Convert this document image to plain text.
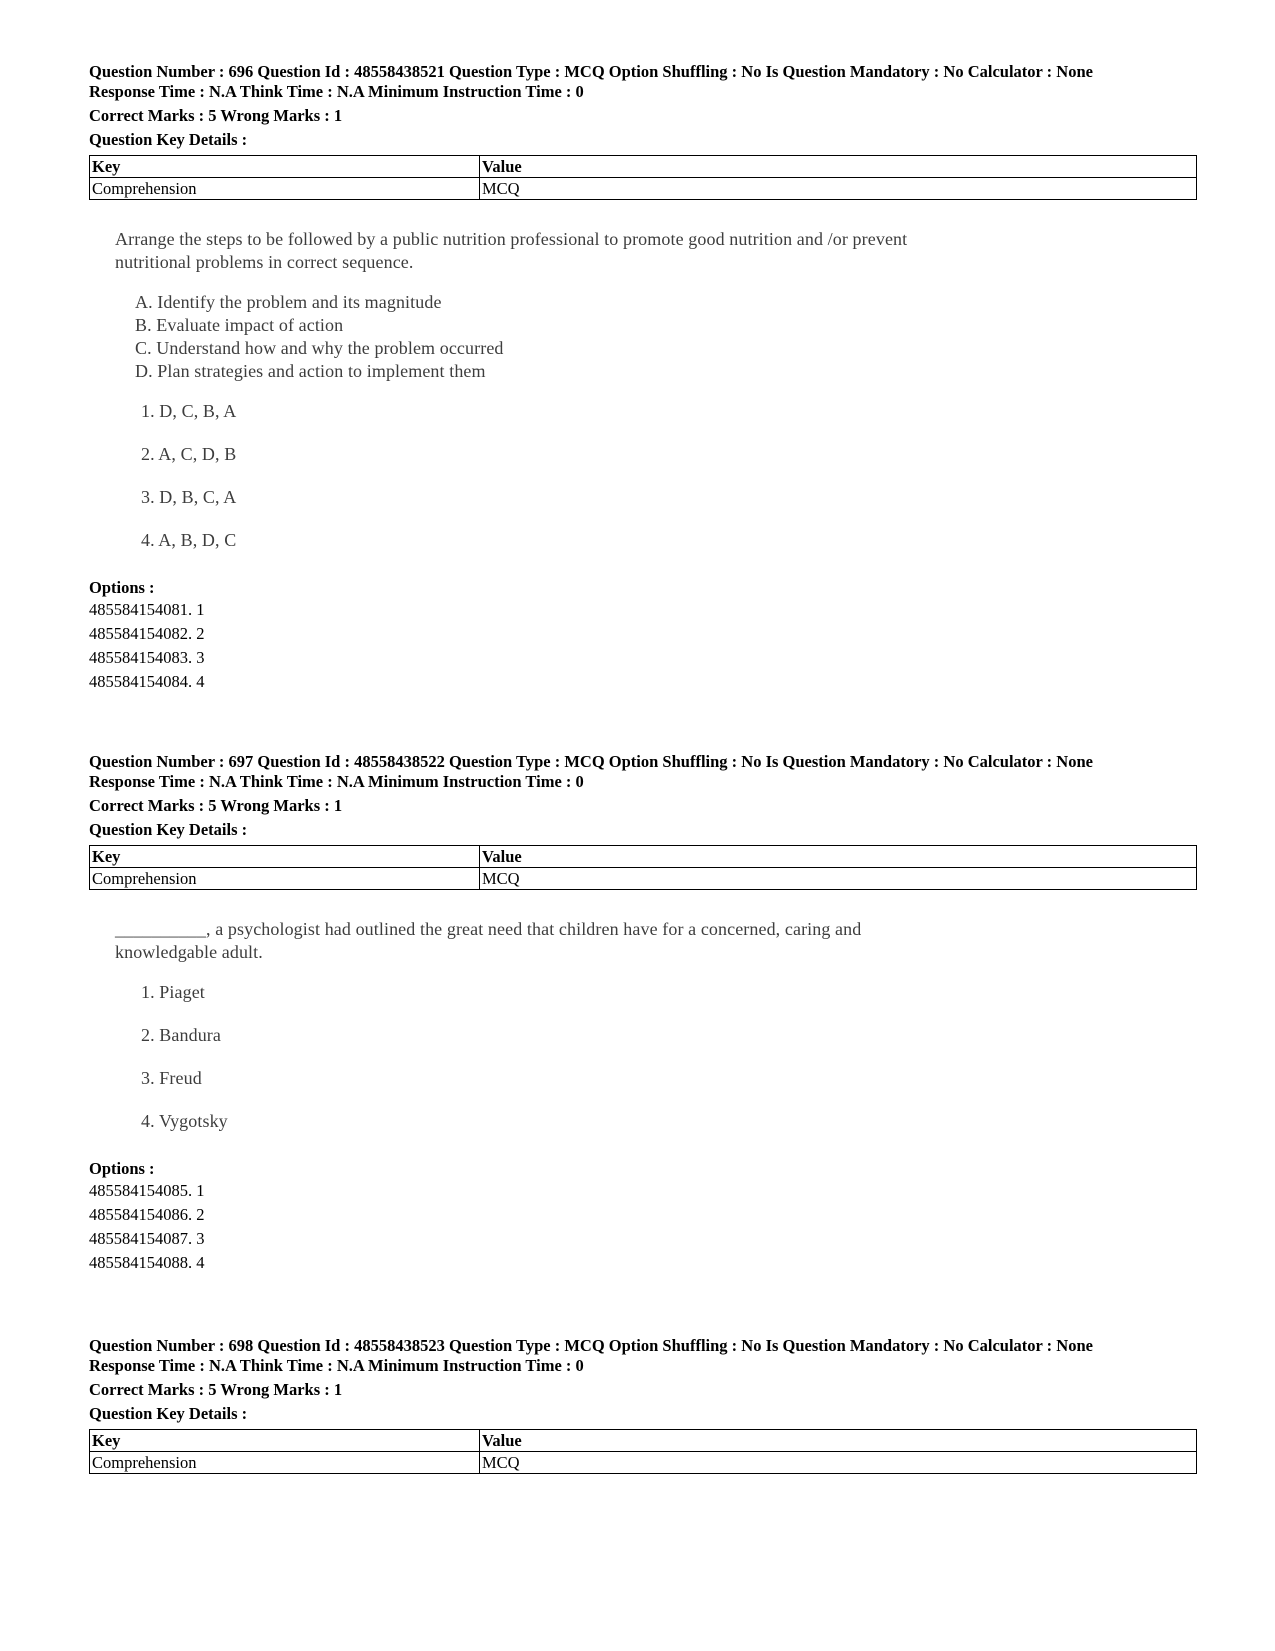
Question Number : 696 Question Id : 48558438521 Question Type : MCQ Option Shuffling : No Is Question Mandatory : No Calculator : None

Response Time : N.A Think Time : N.A Minimum Instruction Time : 0

Correct Marks : 5 Wrong Marks : 1

Question Key Details :

Key	Value
Comprehension	MCQ

Arrange the steps to be followed by a public nutrition professional to promote good nutrition and /or prevent

nutritional problems in correct sequence.

A. Identify the problem and its magnitude
B. Evaluate impact of action
C. Understand how and why the problem occurred
D. Plan strategies and action to implement them
1. D, C, B, A
2. A, C, D, B
3. D, B, C, A
4. A, B, D, C

Options :

485584154081. 1

485584154082. 2

485584154083. 3

485584154084. 4

Question Number : 697 Question Id : 48558438522 Question Type : MCQ Option Shuffling : No Is Question Mandatory : No Calculator : None

Response Time : N.A Think Time : N.A Minimum Instruction Time : 0

Correct Marks : 5 Wrong Marks : 1

Question Key Details :

Key	Value
Comprehension	MCQ

__________, a psychologist had outlined the great need that children have for a concerned, caring and

knowledgable adult.

1. Piaget
2. Bandura
3. Freud
4. Vygotsky

Options :

485584154085. 1

485584154086. 2

485584154087. 3

485584154088. 4

Question Number : 698 Question Id : 48558438523 Question Type : MCQ Option Shuffling : No Is Question Mandatory : No Calculator : None

Response Time : N.A Think Time : N.A Minimum Instruction Time : 0

Correct Marks : 5 Wrong Marks : 1

Question Key Details :

Key	Value
Comprehension	MCQ
